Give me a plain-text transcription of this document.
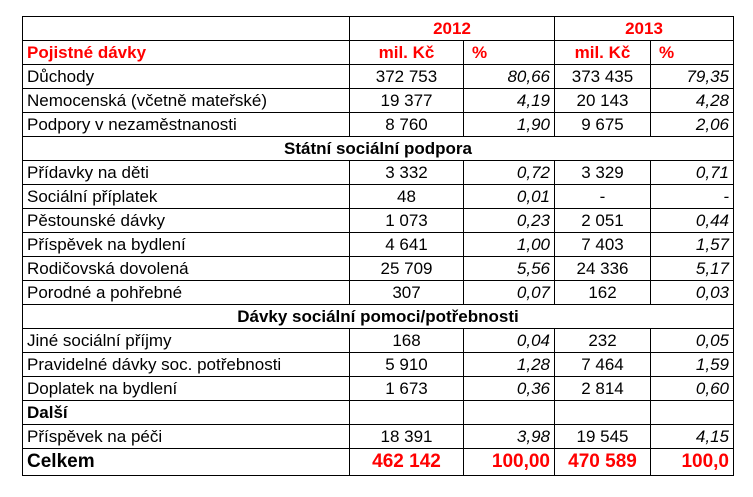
	2012		2013	
Pojistné dávky	mil. Kč	%	mil. Kč	%
Důchody	372 753	80,66	373 435	79,35
Nemocenská (včetně mateřské)	19 377	4,19	20 143	4,28
Podpory v nezaměstnanosti	8 760	1,90	9 675	2,06
Státní sociální podpora				
Přídavky na děti	3 332	0,72	3 329	0,71
Sociální příplatek	48	0,01	-	-
Pěstounské dávky	1 073	0,23	2 051	0,44
Příspěvek na bydlení	4 641	1,00	7 403	1,57
Rodičovská dovolená	25 709	5,56	24 336	5,17
Porodné a pohřebné	307	0,07	162	0,03
Dávky sociální pomoci/potřebnosti				
Jiné sociální příjmy	168	0,04	232	0,05
Pravidelné dávky soc. potřebnosti	5 910	1,28	7 464	1,59
Doplatek na bydlení	1 673	0,36	2 814	0,60
Další				
Příspěvek na péči	18 391	3,98	19 545	4,15
Celkem	462 142	100,00	470 589	100,0
